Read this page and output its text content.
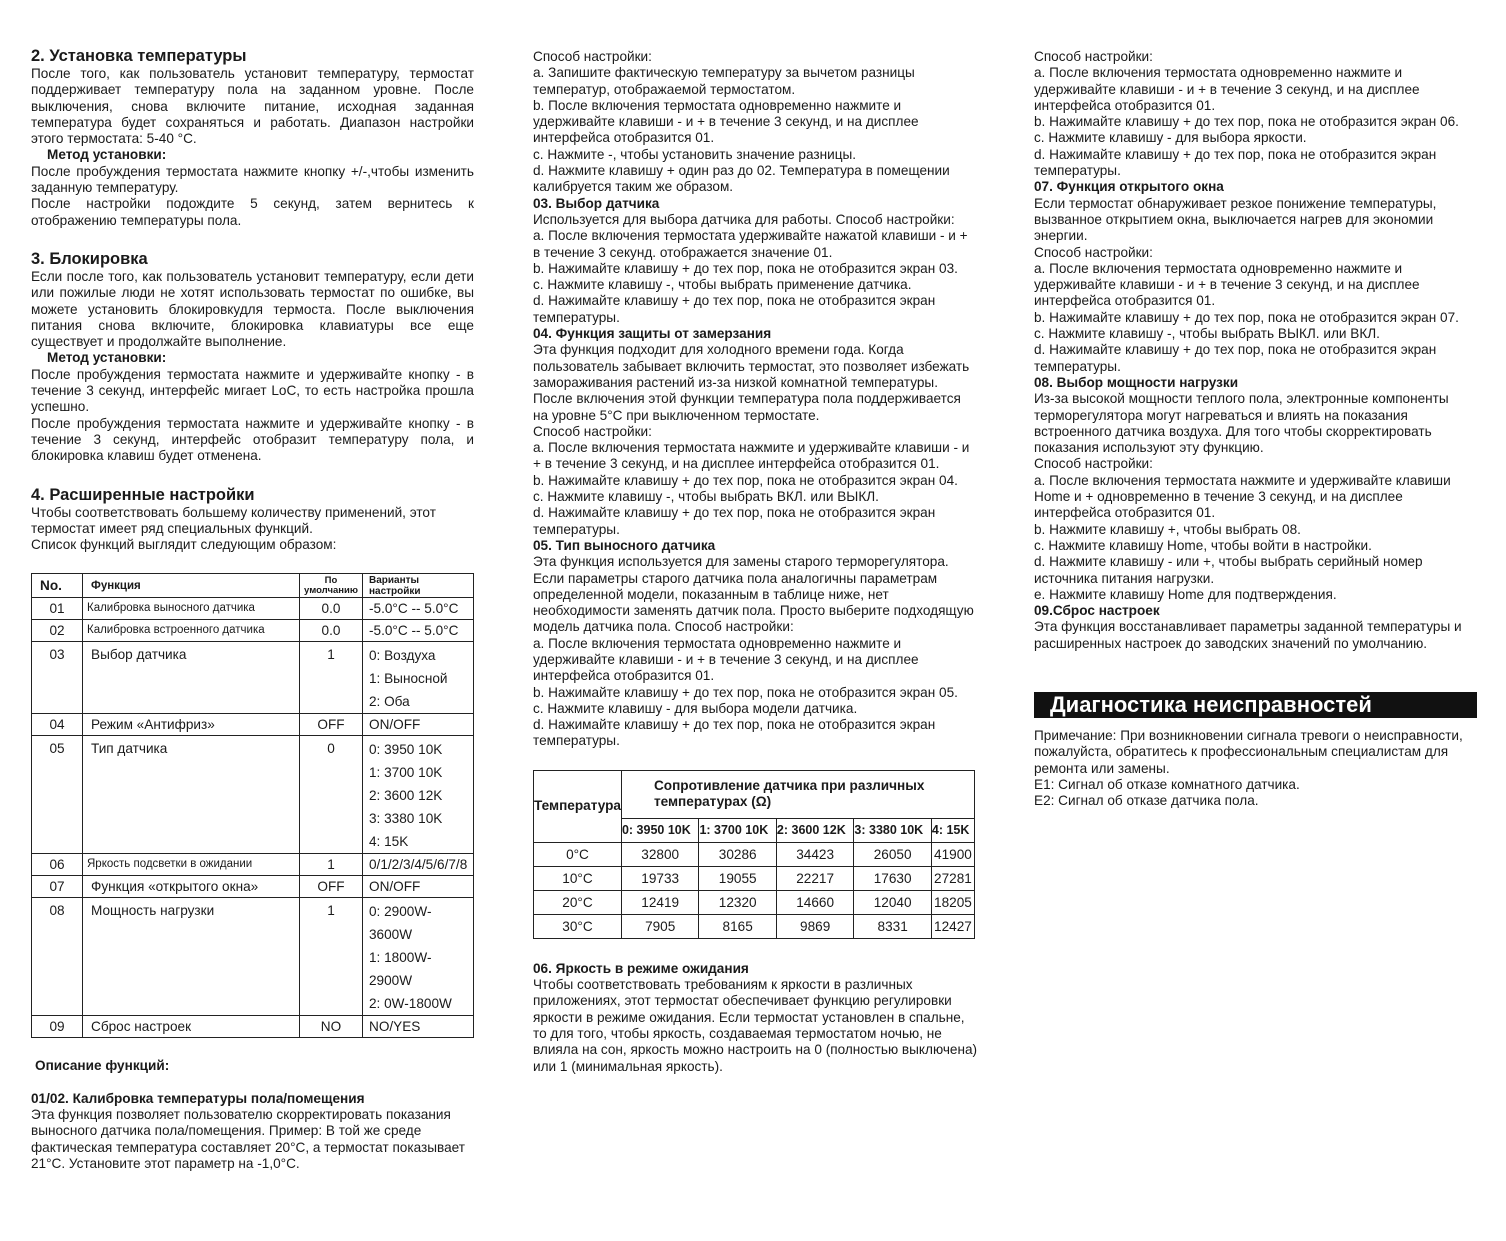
2. Установка температуры

После того, как пользователь установит температуру, термостат поддерживает температуру пола на заданном уровне. После выключения, снова включите питание, исходная заданная температура будет сохраняться и работать. Диапазон настройки этого термостата: 5-40 °C.

Метод установки:

После пробуждения термостата нажмите кнопку +/-,чтобы изменить заданную температуру.

После настройки подождите 5 секунд, затем вернитесь к отображению температуры пола.

3. Блокировка

Если после того, как пользователь установит температуру, если дети или пожилые люди не хотят использовать термостат по ошибке, вы можете установить блокировкудля термоста. После выключения питания снова включите, блокировка клавиатуры все еще существует и продолжайте выполнение.

Метод установки:

После пробуждения термостата нажмите и удерживайте кнопку - в течение 3 секунд, интерфейс мигает LoC, то есть настройка прошла успешно.

После пробуждения термостата нажмите и удерживайте кнопку - в течение 3 секунд, интерфейс отобразит температуру пола, и блокировка клавиш будет отменена.

4. Расширенные настройки

Чтобы соответствовать большему количеству применений, этот термостат имеет ряд специальных функций.

Список функций выглядит следующим образом:

No.	Функция	По умолчанию	Варианты настройки
01	Калибровка выносного датчика	0.0	-5.0°C -- 5.0°C

02	Калибровка встроенного датчика	0.0	-5.0°C -- 5.0°C

03	Выбор датчика	1	0: Воздуха
1: Выносной
2: Оба

04	Режим «Антифриз»	OFF	ON/OFF

05	Тип датчика	0	0: 3950 10K
1: 3700 10K
2: 3600 12K
3: 3380 10K
4: 15K

06	Яркость подсветки в ожидании	1	0/1/2/3/4/5/6/7/8

07	Функция «открытого окна»	OFF	ON/OFF

08	Мощность нагрузки	1	0: 2900W-3600W
1: 1800W-2900W
2: 0W-1800W

09	Сброс настроек	NO	NO/YES

Описание функций:

01/02. Калибровка температуры пола/помещения

Эта функция позволяет пользователю скорректировать показания выносного датчика пола/помещения. Пример: В той же среде фактическая температура составляет 20°C, а термостат показывает 21°C. Установите этот параметр на -1,0°C.

Способ настройки:

a. Запишите фактическую температуру за вычетом разницы температур, отображаемой термостатом.

b. После включения термостата одновременно нажмите и удерживайте клавиши - и + в течение 3 секунд, и на дисплее интерфейса отобразится 01.

c. Нажмите -, чтобы установить значение разницы.

d. Нажмите клавишу + один раз до 02. Температура в помещении калибруется таким же образом.

03. Выбор датчика

Используется для выбора датчика для работы. Способ настройки:

a. После включения термостата удерживайте нажатой клавиши - и + в течение 3 секунд. отображается значение 01.

b. Нажимайте клавишу + до тех пор, пока не отобразится экран 03.

c. Нажмите клавишу -, чтобы выбрать применение датчика.

d. Нажимайте клавишу + до тех пор, пока не отобразится экран температуры.

04. Функция защиты от замерзания

Эта функция подходит для холодного времени года. Когда пользователь забывает включить термостат, это позволяет избежать замораживания растений из-за низкой комнатной температуры. После включения этой функции температура пола поддерживается на уровне 5°C при выключенном термостате.

Способ настройки:

a. После включения термостата нажмите и удерживайте клавиши - и + в течение 3 секунд, и на дисплее интерфейса отобразится 01.

b. Нажимайте клавишу + до тех пор, пока не отобразится экран 04.

c. Нажмите клавишу -, чтобы выбрать ВКЛ. или ВЫКЛ.

d. Нажимайте клавишу + до тех пор, пока не отобразится экран температуры.

05. Тип выносного датчика

Эта функция используется для замены старого терморегулятора. Если параметры старого датчика пола аналогичны параметрам определенной модели, показанным в таблице ниже, нет необходимости заменять датчик пола. Просто выберите подходящую модель датчика пола. Способ настройки:

a. После включения термостата одновременно нажмите и удерживайте клавиши - и + в течение 3 секунд, и на дисплее интерфейса отобразится 01.

b. Нажимайте клавишу + до тех пор, пока не отобразится экран 05.

c. Нажмите клавишу - для выбора модели датчика.

d. Нажимайте клавишу + до тех пор, пока не отобразится экран температуры.

Температура	Сопротивление датчика при различных температурах (Ω)				
	0: 3950 10K	1: 3700 10K	2: 3600 12K	3: 3380 10K	4: 15K
0°C	32800	30286	34423	26050	41900
10°C	19733	19055	22217	17630	27281
20°C	12419	12320	14660	12040	18205
30°C	7905	8165	9869	8331	12427

06. Яркость в режиме ожидания

Чтобы соответствовать требованиям к яркости в различных приложениях, этот термостат обеспечивает функцию регулировки яркости в режиме ожидания. Если термостат установлен в спальне, то для того, чтобы яркость, создаваемая термостатом ночью, не влияла на сон, яркость можно настроить на 0 (полностью выключена) или 1 (минимальная яркость).

Способ настройки:

a. После включения термостата одновременно нажмите и удерживайте клавиши - и + в течение 3 секунд, и на дисплее интерфейса отобразится 01.

b. Нажимайте клавишу + до тех пор, пока не отобразится экран 06.

c. Нажмите клавишу - для выбора яркости.

d. Нажимайте клавишу + до тех пор, пока не отобразится экран температуры.

07. Функция открытого окна

Если термостат обнаруживает резкое понижение температуры, вызванное открытием окна, выключается нагрев для экономии энергии.

Способ настройки:

a. После включения термостата одновременно нажмите и удерживайте клавиши - и + в течение 3 секунд, и на дисплее интерфейса отобразится 01.

b. Нажимайте клавишу + до тех пор, пока не отобразится экран 07.

c. Нажмите клавишу -, чтобы выбрать ВЫКЛ. или ВКЛ.

d. Нажимайте клавишу + до тех пор, пока не отобразится экран температуры.

08. Выбор мощности нагрузки

Из-за высокой мощности теплого пола, электронные компоненты терморегулятора могут нагреваться и влиять на показания встроенного датчика воздуха. Для того чтобы скорректировать показания используют эту функцию.

Способ настройки:

a. После включения термостата нажмите и удерживайте клавиши Home и + одновременно в течение 3 секунд, и на дисплее интерфейса отобразится 01.

b. Нажмите клавишу +, чтобы выбрать 08.

c. Нажмите клавишу Home, чтобы войти в настройки.

d. Нажмите клавишу - или +, чтобы выбрать серийный номер источника питания нагрузки.

e. Нажмите клавишу Home для подтверждения.

09.Сброс настроек

Эта функция восстанавливает параметры заданной температуры и расширенных настроек до заводских значений по умолчанию.

Диагностика неисправностей

Примечание: При возникновении сигнала тревоги о неисправности, пожалуйста, обратитесь к профессиональным специалистам для ремонта или замены.

E1: Сигнал об отказе комнатного датчика.

E2: Сигнал об отказе датчика пола.
